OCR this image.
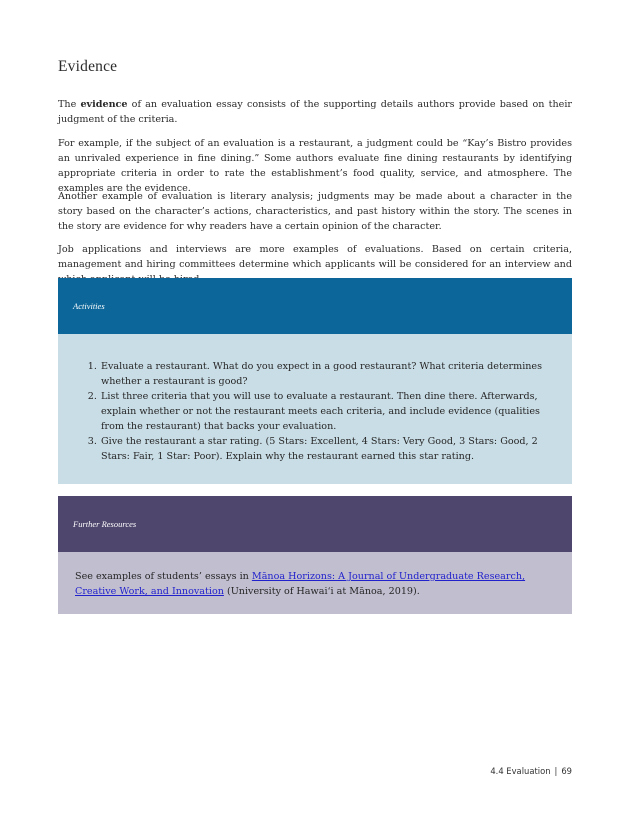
Evidence

The evidence of an evaluation essay consists of the supporting details authors provide based on their judgment of the criteria.

For example, if the subject of an evaluation is a restaurant, a judgment could be “Kay’s Bistro provides an unrivaled experience in fine dining.” Some authors evaluate fine dining restaurants by identifying appropriate criteria in order to rate the establishment’s food quality, service, and atmosphere. The examples are the evidence.

Another example of evaluation is literary analysis; judgments may be made about a character in the story based on the character’s actions, characteristics, and past history within the story. The scenes in the story are evidence for why readers have a certain opinion of the character.

Job applications and interviews are more examples of evaluations. Based on certain criteria, management and hiring committees determine which applicants will be considered for an interview and

Activities
1. Evaluate a restaurant. What do you expect in a good restaurant? What criteria determines whether a restaurant is good?
2. List three criteria that you will use to evaluate a restaurant. Then dine there. Afterwards, explain whether or not the restaurant meets each criteria, and include evidence (qualities from the restaurant) that backs your evaluation.
3. Give the restaurant a star rating. (5 Stars: Excellent, 4 Stars: Very Good, 3 Stars: Good, 2 Stars: Fair, 1 Star: Poor). Explain why the restaurant earned this star rating.
Further Resources
See examples of students’ essays in Mānoa Horizons: A Journal of Undergraduate Research, Creative Work, and Innovation (University of Hawaiʻi at Mānoa, 2019).
4.4 Evaluation | 69
